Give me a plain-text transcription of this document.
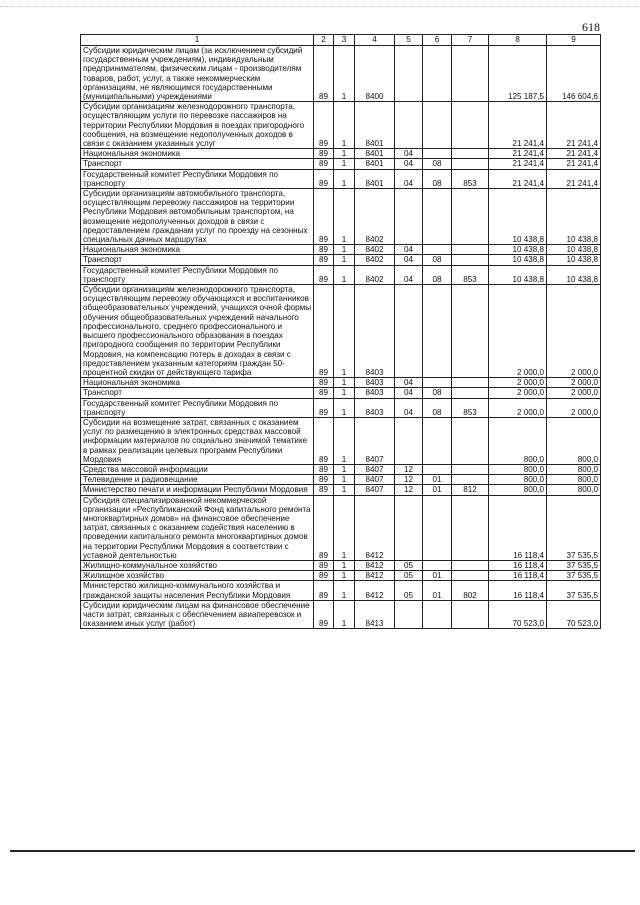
618
1	2	3	4	5	6	7	8	9
Субсидии юридическим лицам (за исключением субсидий государственным учреждениям), индивидуальным предпринимателям, физическим лицам - производителям товаров, работ, услуг, а также некоммерческим организациям, не являющимся государственными (муниципальными) учреждениями	89	1	8400				125 187,5	146 604,6
Субсидии организациям железнодорожного транспорта, осуществляющим услуги по перевозке пассажиров на территории Республики Мордовия в поездах пригородного сообщения, на возмещение недополученных доходов в связи с оказанием указанных услуг	89	1	8401				21 241,4	21 241,4
Национальная экономика	89	1	8401	04			21 241,4	21 241,4
Транспорт	89	1	8401	04	08		21 241,4	21 241,4
Государственный комитет Республики Мордовия по транспорту	89	1	8401	04	08	853	21 241,4	21 241,4
Субсидии организациям автомобильного транспорта, осуществляющим перевозку пассажиров на территории Республики Мордовия автомобильным транспортом, на возмещение недополученных доходов в связи с предоставлением гражданам услуг по проезду на сезонных специальных дачных маршрутах	89	1	8402				10 438,8	10 438,8
Национальная экономика	89	1	8402	04			10 438,8	10 438,8
Транспорт	89	1	8402	04	08		10 438,8	10 438,8
Государственный комитет Республики Мордовия по транспорту	89	1	8402	04	08	853	10 438,8	10 438,8
Субсидии организациям железнодорожного транспорта, осуществляющим перевозку обучающихся и воспитанников общеобразовательных учреждений, учащихся очной формы обучения общеобразовательных учреждений начального профессионального, среднего профессионального и высшего профессионального образования в поездах пригородного сообщения по территории Республики Мордовия, на компенсацию потерь в доходах в связи с предоставлением указанным категориям граждан 50-процентной скидки от действующего тарифа	89	1	8403				2 000,0	2 000,0
Национальная экономика	89	1	8403	04			2 000,0	2 000,0
Транспорт	89	1	8403	04	08		2 000,0	2 000,0
Государственный комитет Республики Мордовия по транспорту	89	1	8403	04	08	853	2 000,0	2 000,0
Субсидии на возмещение затрат, связанных с оказанием услуг по размещению в электронных средствах массовой информации материалов по социально значимой тематике в рамках реализации целевых программ Республики Мордовия	89	1	8407				800,0	800,0
Средства массовой информации	89	1	8407	12			800,0	800,0
Телевидение и радиовещание	89	1	8407	12	01		800,0	800,0
Министерство печати и информации Республики Мордовия	89	1	8407	12	01	812	800,0	800,0
Субсидия специализированной некоммерческой организации «Республиканский Фонд капитального ремонта многоквартирных домов» на финансовое обеспечение затрат, связанных с оказанием содействия населению в проведении капитального ремонта многоквартирных домов на территории Республики Мордовия в соответствии с уставной деятельностью	89	1	8412				16 118,4	37 535,5
Жилищно-коммунальное хозяйство	89	1	8412	05			16 118,4	37 535,5
Жилищное хозяйство	89	1	8412	05	01		16 118,4	37 535,5
Министерство жилищно-коммунального хозяйства и гражданской защиты населения Республики Мордовия	89	1	8412	05	01	802	16 118,4	37 535,5
Субсидии юридическим лицам на финансовое обеспечение части затрат, связанных с обеспечением авиаперевозок и оказанием иных услуг (работ)	89	1	8413				70 523,0	70 523,0
